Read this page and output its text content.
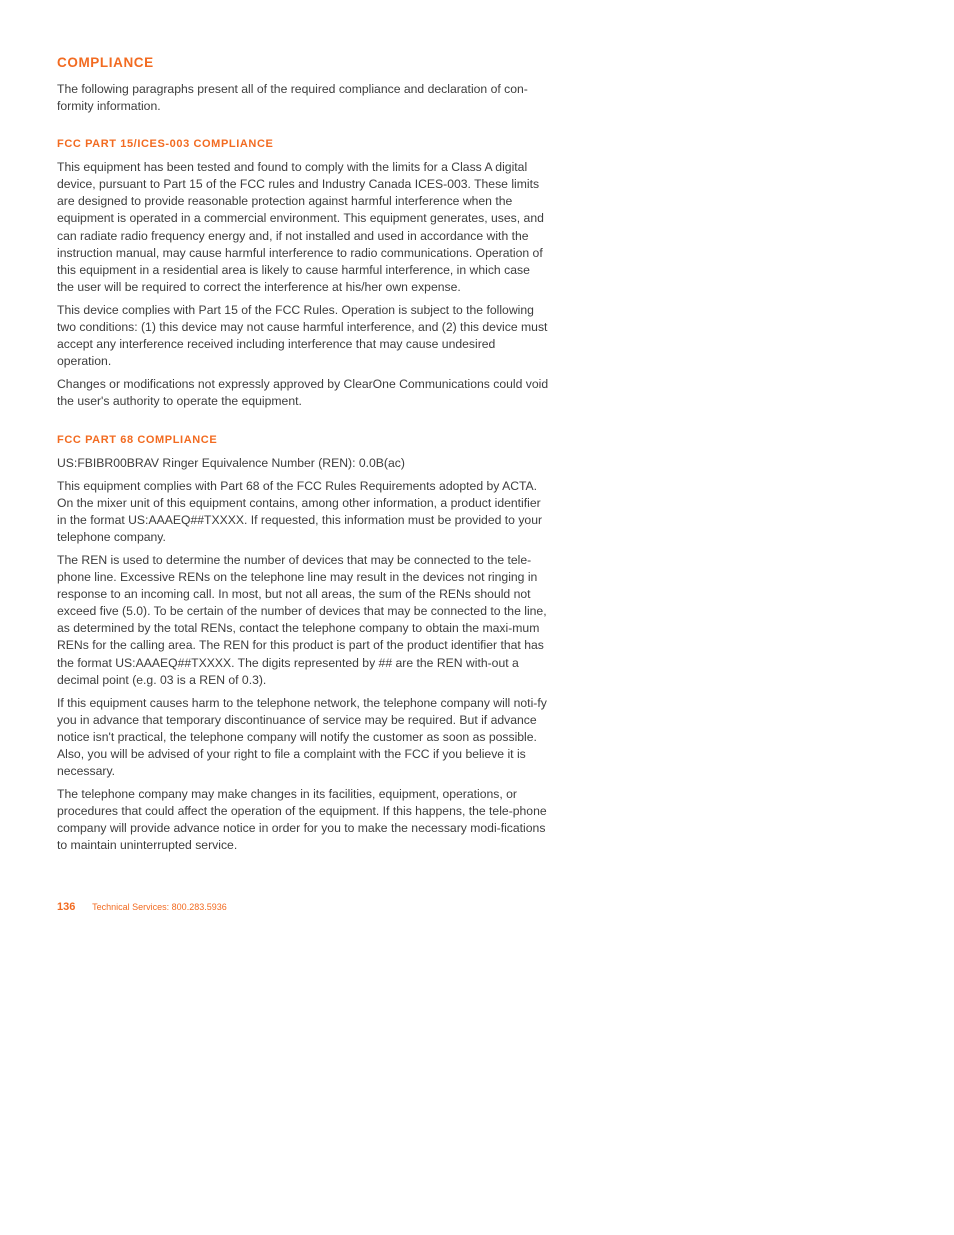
COMPLIANCE

The following paragraphs present all of the required compliance and declaration of con-formity information.

FCC PART 15/ICES-003 COMPLIANCE

This equipment has been tested and found to comply with the limits for a Class A digital device, pursuant to Part 15 of the FCC rules and Industry Canada ICES-003. These limits are designed to provide reasonable protection against harmful interference when the equipment is operated in a commercial environment. This equipment generates, uses, and can radiate radio frequency energy and, if not installed and used in accordance with the instruction manual, may cause harmful interference to radio communications. Operation of this equipment in a residential area is likely to cause harmful interference, in which case the user will be required to correct the interference at his/her own expense.

This device complies with Part 15 of the FCC Rules. Operation is subject to the following two conditions: (1) this device may not cause harmful interference, and (2) this device must accept any interference received including interference that may cause undesired operation.

Changes or modifications not expressly approved by ClearOne Communications could void the user's authority to operate the equipment.

FCC PART 68 COMPLIANCE

US:FBIBR00BRAV Ringer Equivalence Number (REN): 0.0B(ac)

This equipment complies with Part 68 of the FCC Rules Requirements adopted by ACTA. On the mixer unit of this equipment contains, among other information, a product identifier in the format US:AAAEQ##TXXXX. If requested, this information must be provided to your telephone company.

The REN is used to determine the number of devices that may be connected to the tele-phone line. Excessive RENs on the telephone line may result in the devices not ringing in response to an incoming call. In most, but not all areas, the sum of the RENs should not exceed five (5.0). To be certain of the number of devices that may be connected to the line, as determined by the total RENs, contact the telephone company to obtain the maxi-mum RENs for the calling area. The REN for this product is part of the product identifier that has the format US:AAAEQ##TXXXX. The digits represented by ## are the REN with-out a decimal point (e.g. 03 is a REN of 0.3).

If this equipment causes harm to the telephone network, the telephone company will noti-fy you in advance that temporary discontinuance of service may be required. But if advance notice isn't practical, the telephone company will notify the customer as soon as possible. Also, you will be advised of your right to file a complaint with the FCC if you believe it is necessary.

The telephone company may make changes in its facilities, equipment, operations, or procedures that could affect the operation of the equipment. If this happens, the tele-phone company will provide advance notice in order for you to make the necessary modi-fications to maintain uninterrupted service.

136 Technical Services: 800.283.5936
